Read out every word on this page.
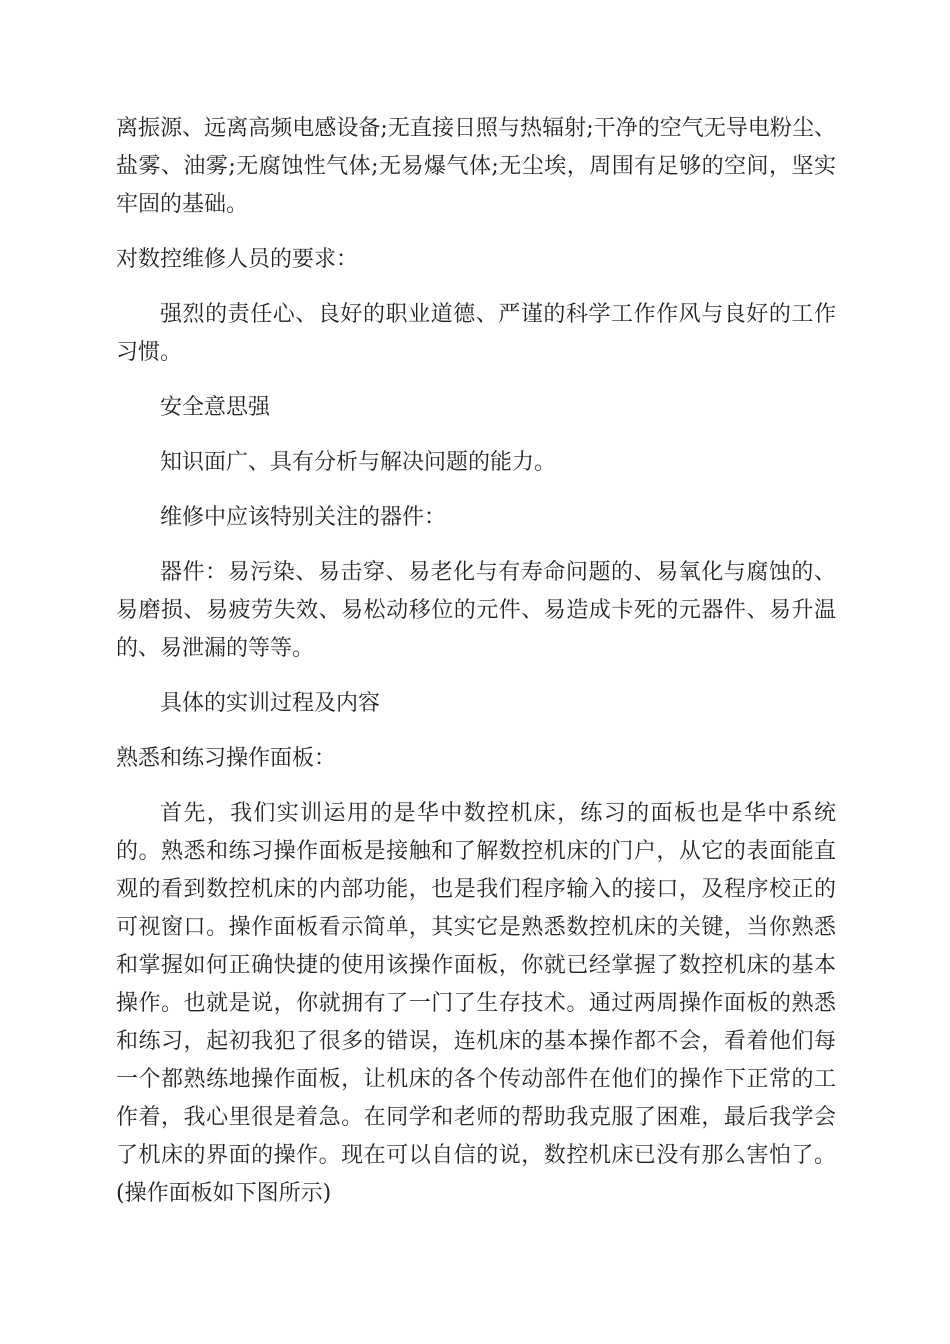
离振源、远离高频电感设备;无直接日照与热辐射;干净的空气无导电粉尘、盐雾、油雾;无腐蚀性气体;无易爆气体;无尘埃，周围有足够的空间，坚实牢固的基础。

对数控维修人员的要求：

强烈的责任心、良好的职业道德、严谨的科学工作作风与良好的工作习惯。

安全意思强

知识面广、具有分析与解决问题的能力。

维修中应该特别关注的器件：

器件：易污染、易击穿、易老化与有寿命问题的、易氧化与腐蚀的、易磨损、易疲劳失效、易松动移位的元件、易造成卡死的元器件、易升温的、易泄漏的等等。

具体的实训过程及内容

熟悉和练习操作面板：

首先，我们实训运用的是华中数控机床，练习的面板也是华中系统的。熟悉和练习操作面板是接触和了解数控机床的门户，从它的表面能直观的看到数控机床的内部功能，也是我们程序输入的接口，及程序校正的可视窗口。操作面板看示简单，其实它是熟悉数控机床的关键，当你熟悉和掌握如何正确快捷的使用该操作面板，你就已经掌握了数控机床的基本操作。也就是说，你就拥有了一门了生存技术。通过两周操作面板的熟悉和练习，起初我犯了很多的错误，连机床的基本操作都不会，看着他们每一个都熟练地操作面板，让机床的各个传动部件在他们的操作下正常的工作着，我心里很是着急。在同学和老师的帮助我克服了困难，最后我学会了机床的界面的操作。现在可以自信的说，数控机床已没有那么害怕了。(操作面板如下图所示)
